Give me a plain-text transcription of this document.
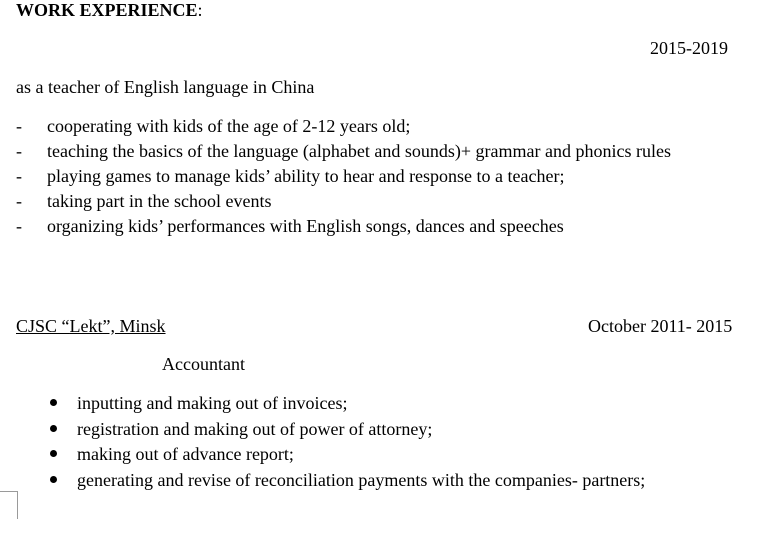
WORK EXPERIENCE:
2015-2019
as a teacher of English language in China
- cooperating with kids of the age of 2-12 years old;
- teaching the basics of the language (alphabet and sounds)+ grammar and phonics rules
- playing games to manage kids’ ability to hear and response to a teacher;
- taking part in the school events
- organizing kids’ performances with English songs, dances and speeches
CJSC “Lekt”, Minsk	October 2011- 2015
Accountant
inputting and making out of invoices;
registration and making out of power of attorney;
making out of advance report;
generating and revise of reconciliation payments with the companies- partners;
